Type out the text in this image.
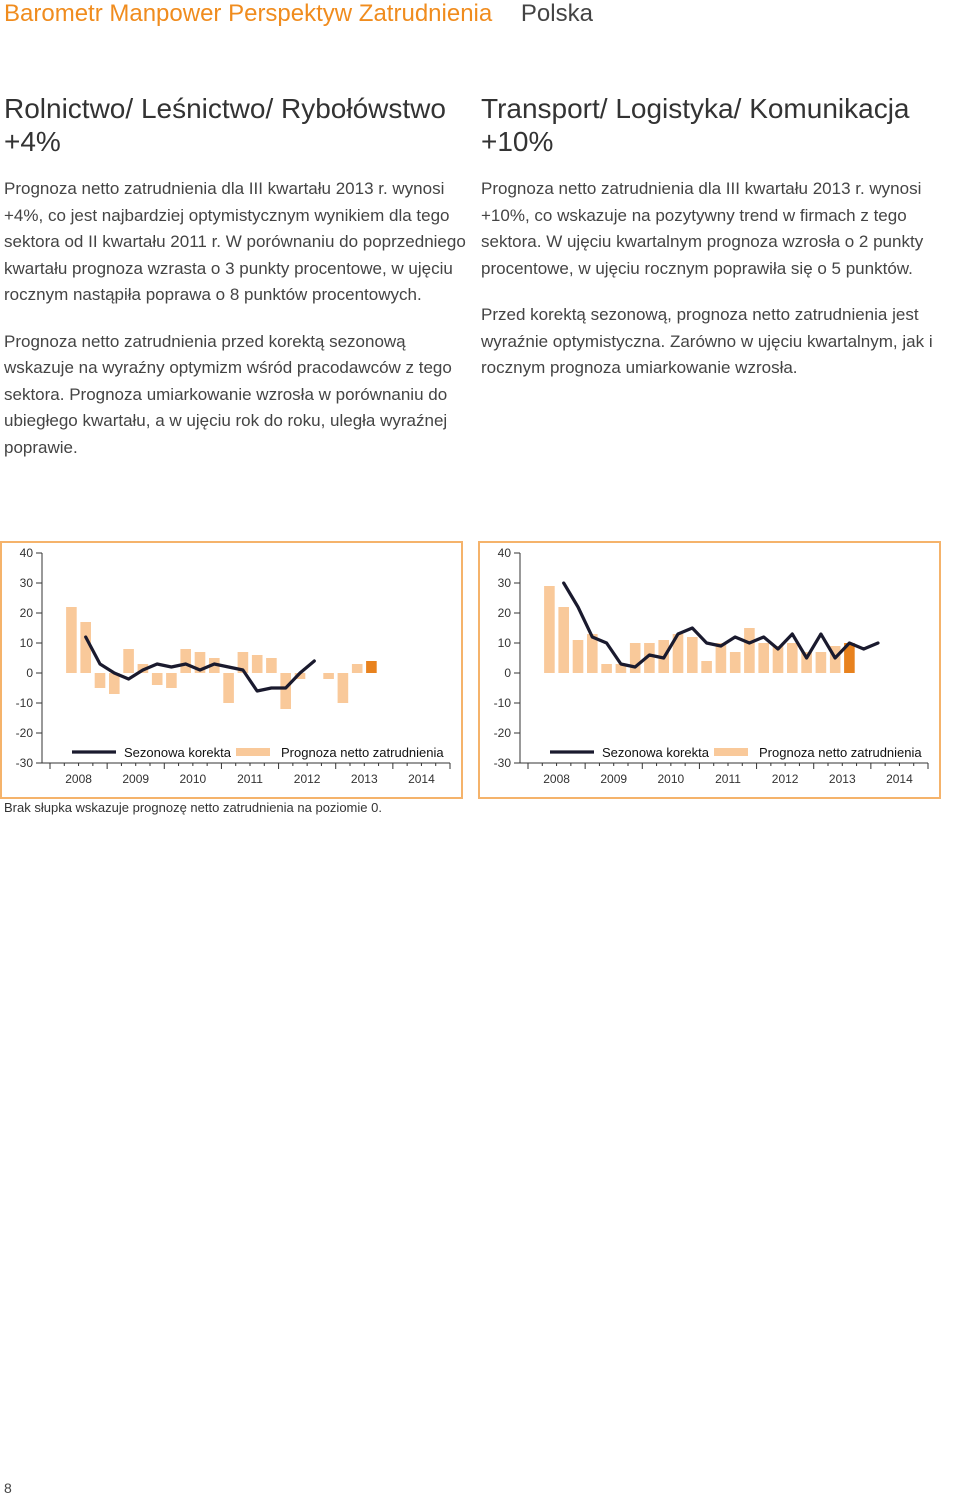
Barometr Manpower Perspektyw Zatrudnienia Polska
Rolnictwo/ Leśnictwo/ Rybołówstwo
+4%

Prognoza netto zatrudnienia dla III kwartału 2013 r. wynosi +4%, co jest najbardziej optymistycznym wynikiem dla tego sektora od II kwartału 2011 r. W porównaniu do poprzedniego kwartału prognoza wzrasta o 3 punkty procentowe, w ujęciu rocznym nastąpiła poprawa o 8 punktów procentowych.

Prognoza netto zatrudnienia przed korektą sezonową wskazuje na wyraźny optymizm wśród pracodawców z tego sektora. Prognoza umiarkowanie wzrosła w porównaniu do ubiegłego kwartału, a w ujęciu rok do roku, uległa wyraźnej poprawie.

Transport/ Logistyka/ Komunikacja
+10%

Prognoza netto zatrudnienia dla III kwartału 2013 r. wynosi +10%, co wskazuje na pozytywny trend w firmach z tego sektora. W ujęciu kwartalnym prognoza wzrosła o 2 punkty procentowe, w ujęciu rocznym poprawiła się o 5 punktów.

Przed korektą sezonową, prognoza netto zatrudnienia jest wyraźnie optymistyczna. Zarówno w ujęciu kwartalnym, jak i rocznym prognoza umiarkowanie wzrosła.

40
30
20
10
0
-10
-20
-30
2008	2009	2010	2011	2012	2013	2014
Sezonowa korekta	Prognoza netto zatrudnienia
40
30
20
10
0
-10
-20
-30
2008	2009	2010	2011	2012	2013	2014
Sezonowa korekta	Prognoza netto zatrudnienia
Brak słupka wskazuje prognozę netto zatrudnienia na poziomie 0.
8
